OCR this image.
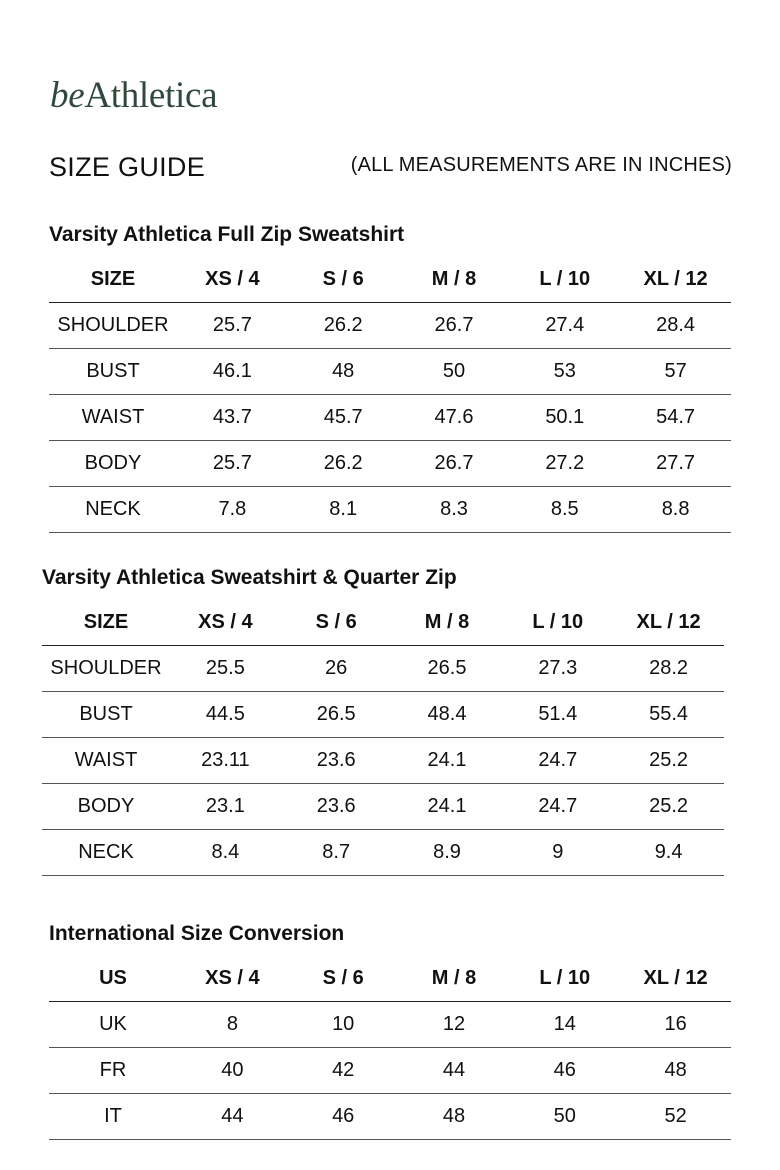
beAthletica
SIZE GUIDE	(ALL MEASUREMENTS ARE IN INCHES)
Varsity Athletica Full Zip Sweatshirt
SIZE	XS / 4	S / 6	M / 8	L / 10	XL / 12
SHOULDER	25.7	26.2	26.7	27.4	28.4
BUST	46.1	48	50	53	57
WAIST	43.7	45.7	47.6	50.1	54.7
BODY	25.7	26.2	26.7	27.2	27.7
NECK	7.8	8.1	8.3	8.5	8.8
Varsity Athletica Sweatshirt & Quarter Zip
SIZE	XS / 4	S / 6	M / 8	L / 10	XL / 12
SHOULDER	25.5	26	26.5	27.3	28.2
BUST	44.5	26.5	48.4	51.4	55.4
WAIST	23.11	23.6	24.1	24.7	25.2
BODY	23.1	23.6	24.1	24.7	25.2
NECK	8.4	8.7	8.9	9	9.4
International Size Conversion
US	XS / 4	S / 6	M / 8	L / 10	XL / 12
UK	8	10	12	14	16
FR	40	42	44	46	48
IT	44	46	48	50	52
